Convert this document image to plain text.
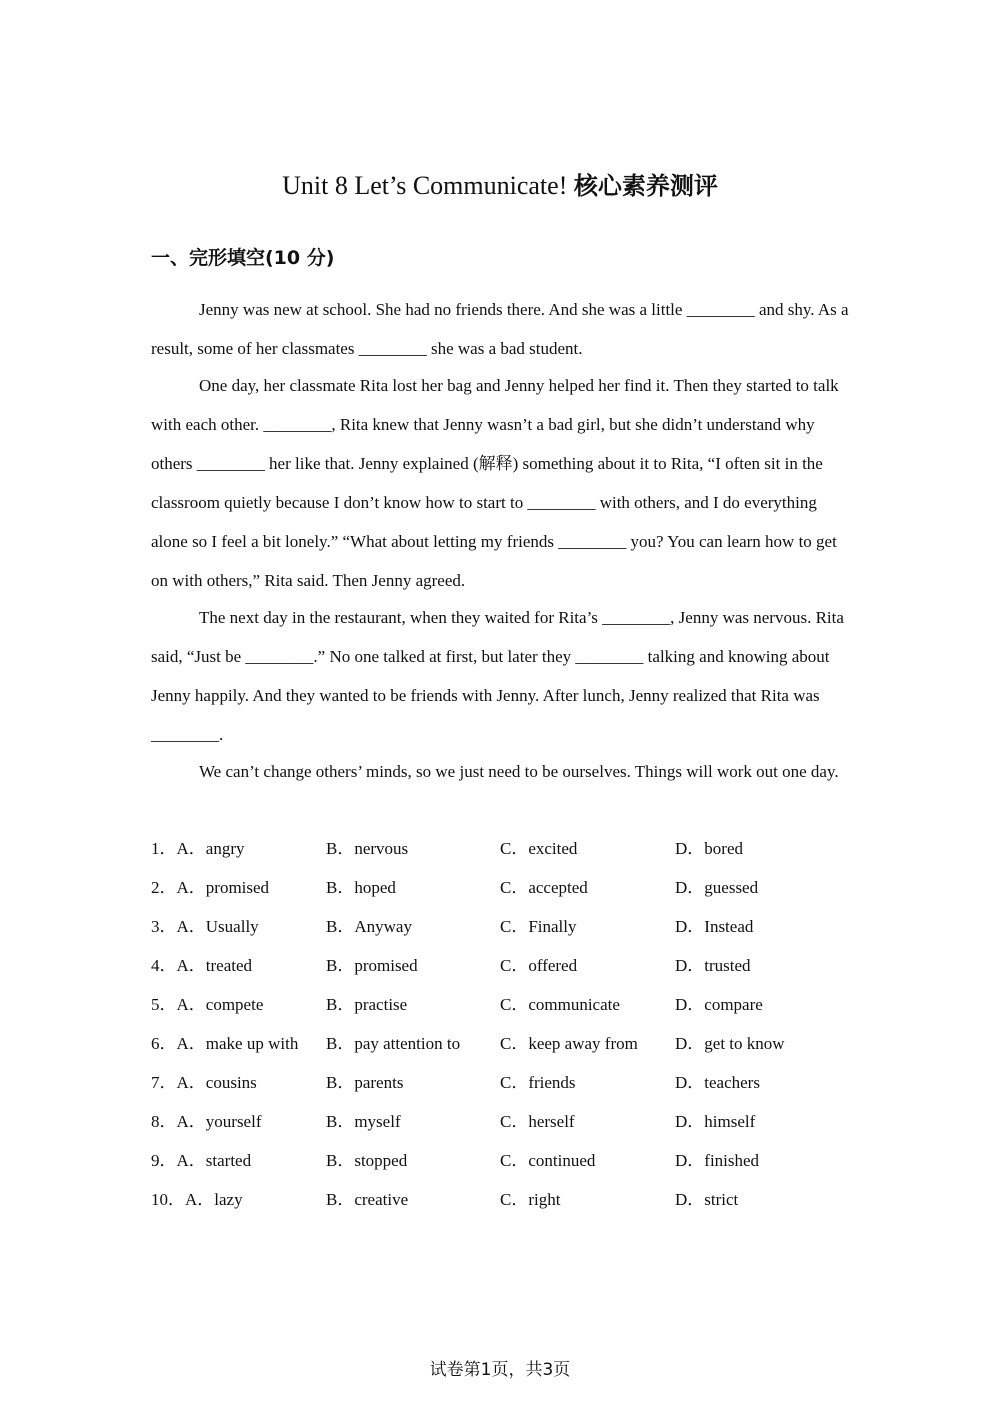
Unit 8 Let’s Communicate! 核心素养测评
一、完形填空(10 分)

Jenny was new at school. She had no friends there. And she was a little ________ and shy. As a result, some of her classmates ________ she was a bad student.

One day, her classmate Rita lost her bag and Jenny helped her find it. Then they started to talk with each other. ________, Rita knew that Jenny wasn’t a bad girl, but she didn’t understand why others ________ her like that. Jenny explained (解释) something about it to Rita, “I often sit in the classroom quietly because I don’t know how to start to ________ with others, and I do everything alone so I feel a bit lonely.” “What about letting my friends ________ you? You can learn how to get on with others,” Rita said. Then Jenny agreed.

The next day in the restaurant, when they waited for Rita’s ________, Jenny was nervous. Rita said, “Just be ________.” No one talked at first, but later they ________ talking and knowing about Jenny happily. And they wanted to be friends with Jenny. After lunch, Jenny realized that Rita was ________.

We can’t change others’ minds, so we just need to be ourselves. Things will work out one day.

1．A．angry	B．nervous	C．excited	D．bored
2．A．promised	B．hoped	C．accepted	D．guessed
3．A．Usually	B．Anyway	C．Finally	D．Instead
4．A．treated	B．promised	C．offered	D．trusted
5．A．compete	B．practise	C．communicate	D．compare
6．A．make up with B．pay attention to C．keep away from D．get to know
7．A．cousins	B．parents	C．friends	D．teachers
8．A．yourself	B．myself	C．herself	D．himself
9．A．started	B．stopped	C．continued	D．finished
10．A．lazy	B．creative	C．right	D．strict
试卷第1页，共3页
